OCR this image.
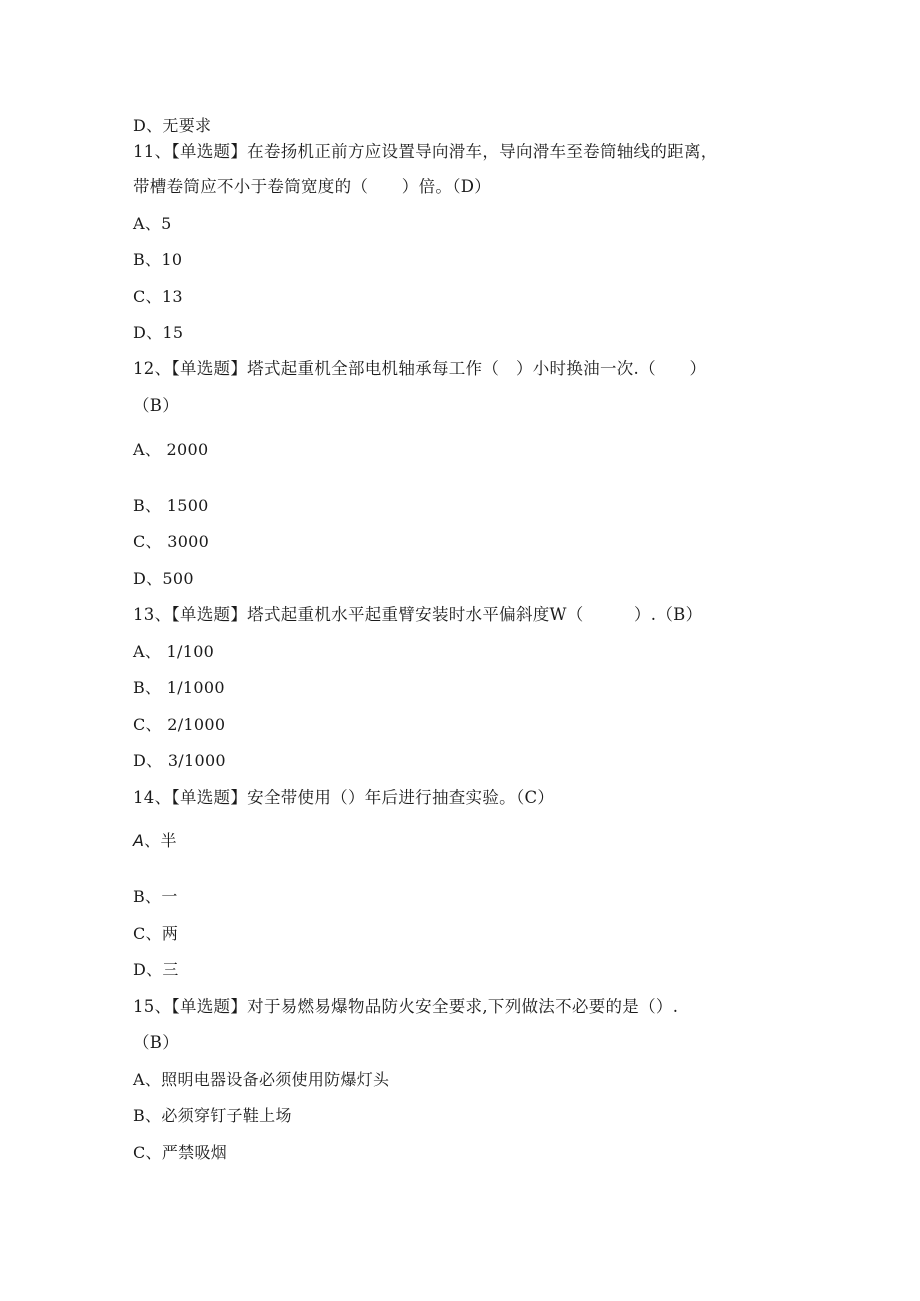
D、无要求
11、【单选题】在卷扬机正前方应设置导向滑车，导向滑车至卷筒轴线的距离，
带槽卷筒应不小于卷筒宽度的（　　）倍。（D）
A、5
B、10
C、13
D、15
12、【单选题】塔式起重机全部电机轴承每工作（　）小时换油一次.（　　）
（B）
A、 2000
B、 1500
C、 3000
D、500
13、【单选题】塔式起重机水平起重臂安装时水平偏斜度W（　　　）.（B）
A、 1/100
B、 1/1000
C、 2/1000
D、 3/1000
14、【单选题】安全带使用（）年后进行抽查实验。（C）
A、半
B、一
C、两
D、三
15、【单选题】对于易燃易爆物品防火安全要求,下列做法不必要的是（）.
（B）
A、照明电器设备必须使用防爆灯头
B、必须穿钉子鞋上场
C、严禁吸烟
